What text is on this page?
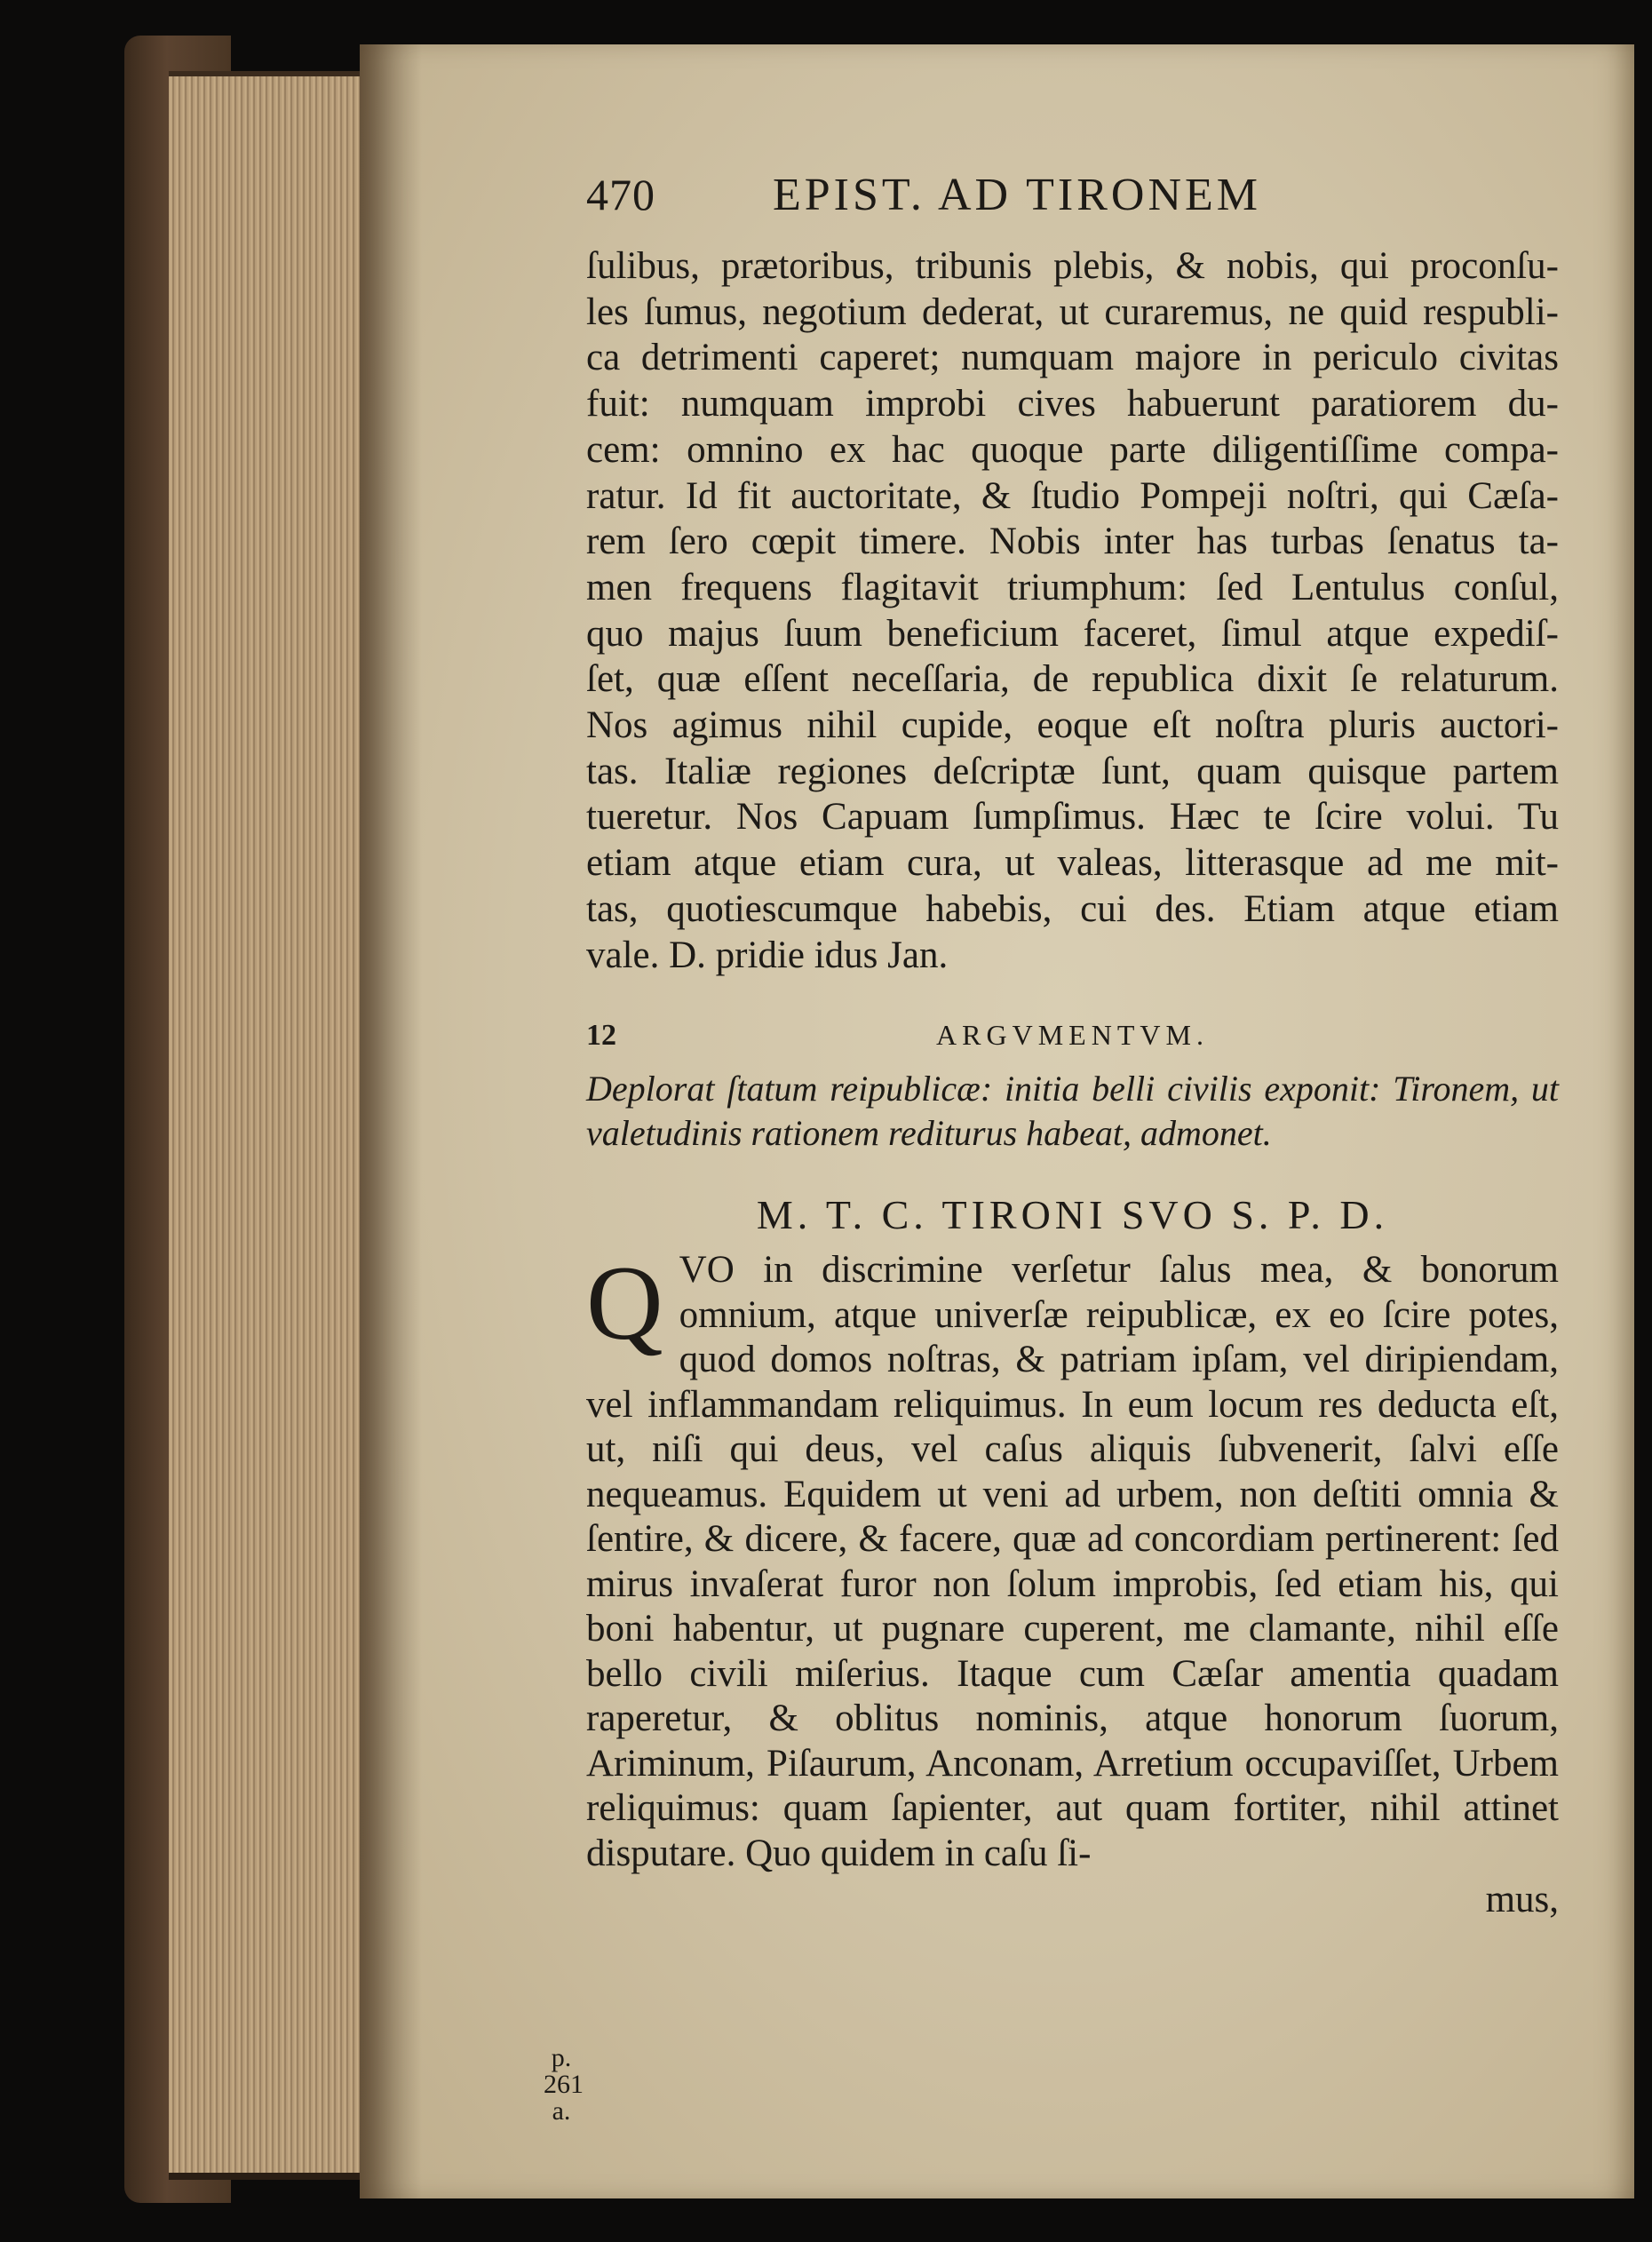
470	EPIST. AD TIRONEM
ſulibus, prætoribus, tribunis plebis, & nobis, qui proconſu-
les ſumus, negotium dederat, ut curaremus, ne quid respubli-
ca detrimenti caperet; numquam majore in periculo civitas
fuit: numquam improbi cives habuerunt paratiorem du-
cem: omnino ex hac quoque parte diligentiſſime compa-
ratur. Id fit auctoritate, & ſtudio Pompeji noſtri, qui Cæſa-
rem ſero cœpit timere. Nobis inter has turbas ſenatus ta-
men frequens flagitavit triumphum: ſed Lentulus conſul,
quo majus ſuum beneficium faceret, ſimul atque expediſ-
ſet, quæ eſſent neceſſaria, de republica dixit ſe relaturum.
Nos agimus nihil cupide, eoque eſt noſtra pluris auctori-
tas. Italiæ regiones deſcriptæ ſunt, quam quisque partem
tueretur. Nos Capuam ſumpſimus. Hæc te ſcire volui. Tu
etiam atque etiam cura, ut valeas, litterasque ad me mit-
tas, quotiescumque habebis, cui des. Etiam atque etiam
vale. D. pridie idus Jan.
12	ARGVMENTVM.

Deplorat ſtatum reipublicæ: initia belli civilis exponit: Tironem, ut valetudinis rationem rediturus habeat, admonet.

M. T. C. TIRONI SVO S. P. D.

QVO in discrimine verſetur ſalus mea, & bonorum omnium, atque univerſæ reipublicæ, ex eo ſcire potes, quod domos noſtras, & patriam ipſam, vel diripiendam, vel inflammandam reliquimus. In eum locum res deducta eſt, ut, niſi qui deus, vel caſus aliquis ſubvenerit, ſalvi eſſe nequeamus. Equidem ut veni ad urbem, non deſtiti omnia & ſentire, & dicere, & facere, quæ ad concordiam pertinerent: ſed mirus invaſerat furor non ſolum improbis, ſed etiam his, qui boni habentur, ut pugnare cuperent, me clamante, nihil eſſe bello civili miſerius. Itaque cum Cæſar amentia quadam raperetur, & oblitus nominis, atque honorum ſuorum, Ariminum, Piſaurum, Anconam, Arretium occupaviſſet, Urbem reliquimus: quam ſapienter, aut quam fortiter, nihil attinet disputare. Quo quidem in caſu ſi-

mus,
p.
261
a.
